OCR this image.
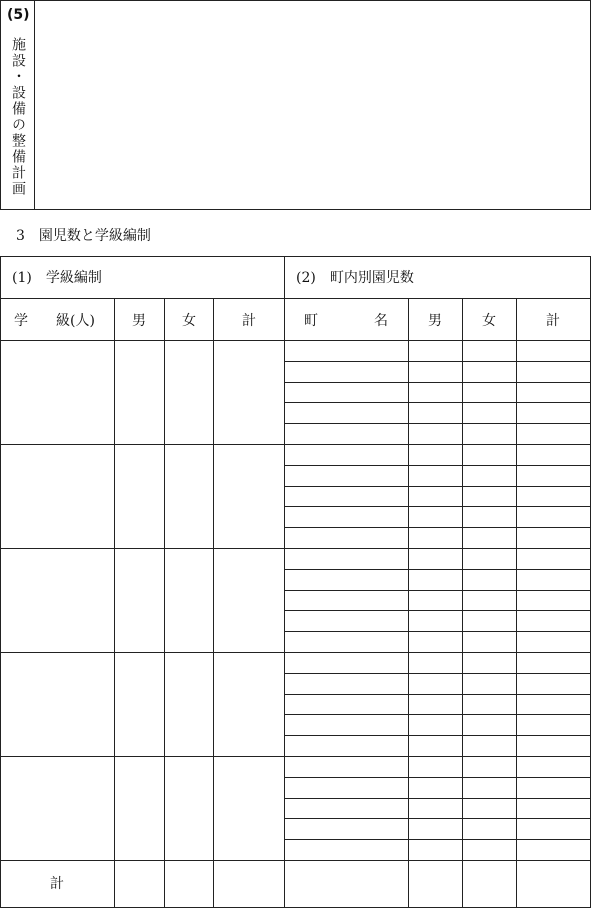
(5)
施設・設備の整備計画
3　園児数と学級編制
(1)　学級編制	(2)　町内別園児数
学　　級(人)	男	女	計	町　　　　名	男	女	計
計
